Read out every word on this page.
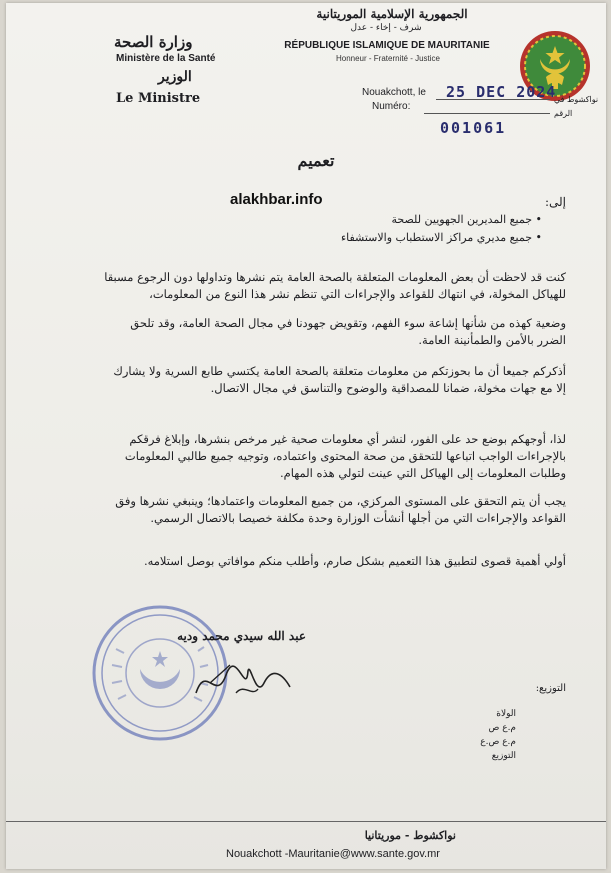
الجمهورية الإسلامية الموريتانية
شرف - إخاء - عدل
RÉPUBLIQUE ISLAMIQUE DE MAURITANIE
Honneur - Fraternité - Justice
وزارة الصحة
Ministère de la Santé
الوزير
Le Ministre	Nouakchott, le 25 DEC 2024
نواكشوط في
Numéro:
الرقم
001061
تعميم
alakhbar.info	إلى:
• جميع المديرين الجهويين للصحة
• جميع مديري مراكز الاستطباب والاستشفاء
كنت قد لاحظت أن بعض المعلومات المتعلقة بالصحة العامة يتم نشرها وتداولها دون الرجوع مسبقا للهياكل المخولة، في انتهاك للقواعد والإجراءات التي تنظم نشر هذا النوع من المعلومات،
وضعية كهذه من شأنها إشاعة سوء الفهم، وتقويض جهودنا في مجال الصحة العامة، وقد تلحق الضرر بالأمن والطمأنينة العامة.
أذكركم جميعا أن ما بحوزتكم من معلومات متعلقة بالصحة العامة يكتسي طابع السرية ولا يشارك إلا مع جهات مخولة، ضمانا للمصداقية والوضوح والتناسق في مجال الاتصال.
لذا، أوجهكم بوضع حد على الفور، لنشر أي معلومات صحية غير مرخص بنشرها، وإبلاغ فرقكم بالإجراءات الواجب اتباعها للتحقق من صحة المحتوى واعتماده، وتوجيه جميع طالبي المعلومات وطلبات المعلومات إلى الهياكل التي عينت لتولي هذه المهام.
يجب أن يتم التحقق على المستوى المركزي، من جميع المعلومات واعتمادها؛ وينبغي نشرها وفق القواعد والإجراءات التي من أجلها أنشأت الوزارة وحدة مكلفة خصيصا بالاتصال الرسمي.
أولي أهمية قصوى لتطبيق هذا التعميم بشكل صارم، وأطلب منكم موافاتي بوصل استلامه.
عبد الله سيدي محمد وديه
التوزيع:
الولاة
م.ع ص
م.ع ص.ع
التوزيع
نواكشوط - موريتانيا
Nouakchott -Mauritanie@www.sante.gov.mr
